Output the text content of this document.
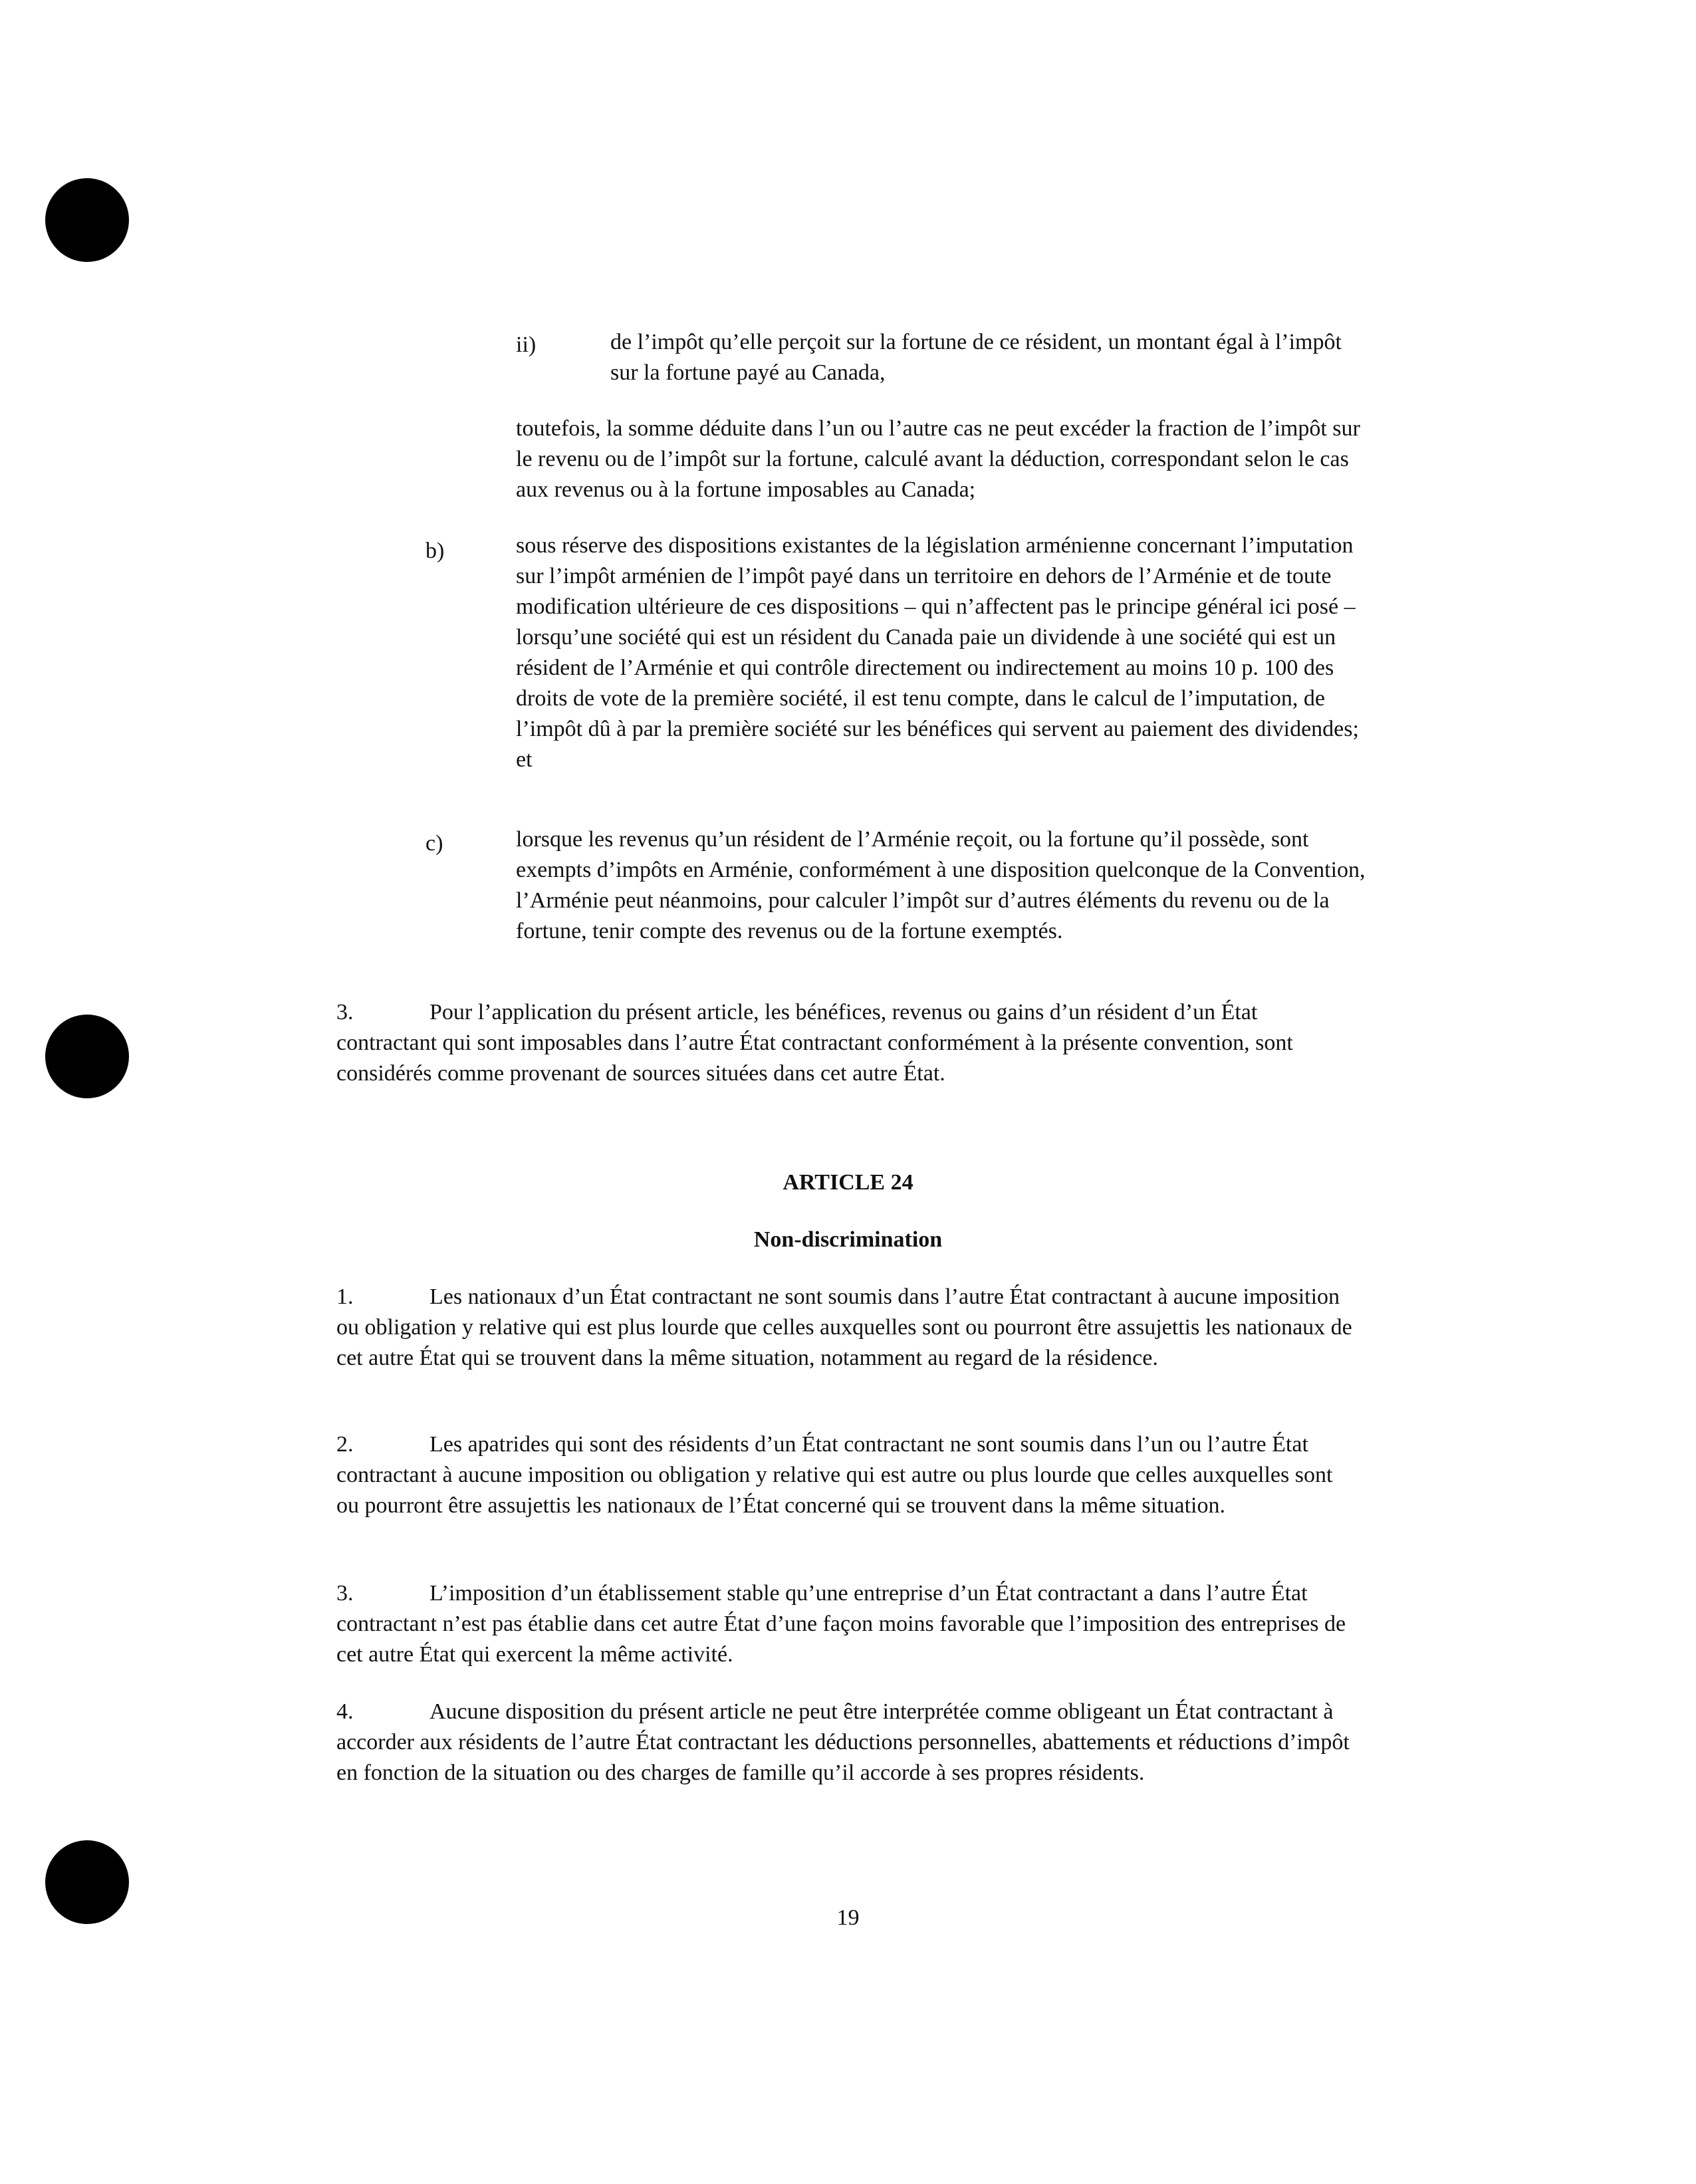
ii)	de l’impôt qu’elle perçoit sur la fortune de ce résident, un montant égal à l’impôt sur la fortune payé au Canada,

toutefois, la somme déduite dans l’un ou l’autre cas ne peut excéder la fraction de l’impôt sur le revenu ou de l’impôt sur la fortune, calculé avant la déduction, correspondant selon le cas aux revenus ou à la fortune imposables au Canada;

b)	sous réserve des dispositions existantes de la législation arménienne concernant l’imputation sur l’impôt arménien de l’impôt payé dans un territoire en dehors de l’Arménie et de toute modification ultérieure de ces dispositions – qui n’affectent pas le principe général ici posé – lorsqu’une société qui est un résident du Canada paie un dividende à une société qui est un résident de l’Arménie et qui contrôle directement ou indirectement au moins 10 p. 100 des droits de vote de la première société, il est tenu compte, dans le calcul de l’imputation, de l’impôt dû à par la première société sur les bénéfices qui servent au paiement des dividendes; et

c)	lorsque les revenus qu’un résident de l’Arménie reçoit, ou la fortune qu’il possède, sont exempts d’impôts en Arménie, conformément à une disposition quelconque de la Convention, l’Arménie peut néanmoins, pour calculer l’impôt sur d’autres éléments du revenu ou de la fortune, tenir compte des revenus ou de la fortune exemptés.

3.	Pour l’application du présent article, les bénéfices, revenus ou gains d’un résident d’un État contractant qui sont imposables dans l’autre État contractant conformément à la présente convention, sont considérés comme provenant de sources situées dans cet autre État.

ARTICLE 24
Non-discrimination

1.	Les nationaux d’un État contractant ne sont soumis dans l’autre État contractant à aucune imposition ou obligation y relative qui est plus lourde que celles auxquelles sont ou pourront être assujettis les nationaux de cet autre État qui se trouvent dans la même situation, notamment au regard de la résidence.

2.	Les apatrides qui sont des résidents d’un État contractant ne sont soumis dans l’un ou l’autre État contractant à aucune imposition ou obligation y relative qui est autre ou plus lourde que celles auxquelles sont ou pourront être assujettis les nationaux de l’État concerné qui se trouvent dans la même situation.

3.	L’imposition d’un établissement stable qu’une entreprise d’un État contractant a dans l’autre État contractant n’est pas établie dans cet autre État d’une façon moins favorable que l’imposition des entreprises de cet autre État qui exercent la même activité.

4.	Aucune disposition du présent article ne peut être interprétée comme obligeant un État contractant à accorder aux résidents de l’autre État contractant les déductions personnelles, abattements et réductions d’impôt en fonction de la situation ou des charges de famille qu’il accorde à ses propres résidents.

19
